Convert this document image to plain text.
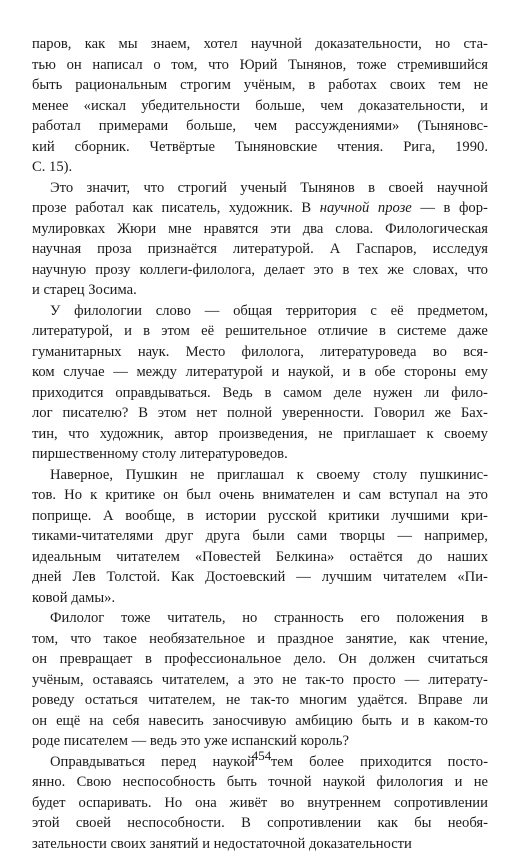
паров, как мы знаем, хотел научной доказательности, но ста-
тью он написал о том, что Юрий Тынянов, тоже стремившийся
быть рациональным строгим учёным, в работах своих тем не
менее «искал убедительности больше, чем доказательности, и
работал примерами больше, чем рассуждениями» (Тыняновс-
кий сборник. Четвёртые Тыняновские чтения. Рига, 1990.
С. 15).
Это значит, что строгий ученый Тынянов в своей научной
прозе работал как писатель, художник. В научной прозе — в фор-
мулировках Жюри мне нравятся эти два слова. Филологическая
научная проза признаётся литературой. А Гаспаров, исследуя
научную прозу коллеги-филолога, делает это в тех же словах, что
и старец Зосима.
У филологии слово — общая территория с её предметом,
литературой, и в этом её решительное отличие в системе даже
гуманитарных наук. Место филолога, литературоведа во вся-
ком случае — между литературой и наукой, и в обе стороны ему
приходится оправдываться. Ведь в самом деле нужен ли фило-
лог писателю? В этом нет полной уверенности. Говорил же Бах-
тин, что художник, автор произведения, не приглашает к своему
пиршественному столу литературоведов.
Наверное, Пушкин не приглашал к своему столу пушкинис-
тов. Но к критике он был очень внимателен и сам вступал на это
поприще. А вообще, в истории русской критики лучшими кри-
тиками-читателями друг друга были сами творцы — например,
идеальным читателем «Повестей Белкина» остаётся до наших
дней Лев Толстой. Как Достоевский — лучшим читателем «Пи-
ковой дамы».
Филолог тоже читатель, но странность его положения в
том, что такое необязательное и праздное занятие, как чтение,
он превращает в профессиональное дело. Он должен считаться
учёным, оставаясь читателем, а это не так-то просто — литерату-
роведу остаться читателем, не так-то многим удаётся. Вправе ли
он ещё на себя навесить заносчивую амбицию быть и в каком-то
роде писателем — ведь это уже испанский король?
Оправдываться перед наукой тем более приходится посто-
янно. Свою неспособность быть точной наукой филология и не
будет оспаривать. Но она живёт во внутреннем сопротивлении
этой своей неспособности. В сопротивлении как бы необя-
зательности своих занятий и недостаточной доказательности
454
